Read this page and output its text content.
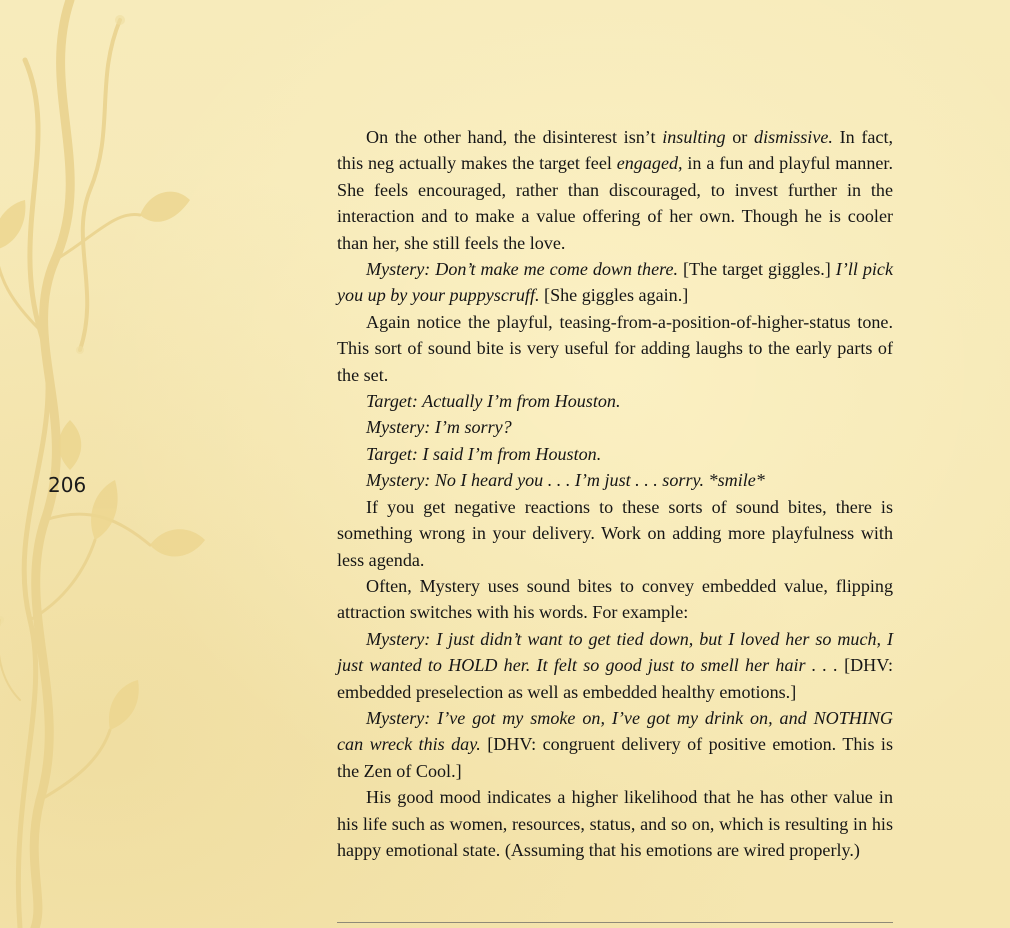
206

On the other hand, the disinterest isn’t insulting or dismissive. In fact, this neg actually makes the target feel engaged, in a fun and playful manner. She feels encouraged, rather than discouraged, to invest further in the interaction and to make a value offering of her own. Though he is cooler than her, she still feels the love.

Mystery: Don’t make me come down there. [The target giggles.] I’ll pick you up by your puppyscruff. [She giggles again.]

Again notice the playful, teasing-from-a-position-of-higher-status tone. This sort of sound bite is very useful for adding laughs to the early parts of the set.

Target: Actually I’m from Houston.

Mystery: I’m sorry?

Target: I said I’m from Houston.

Mystery: No I heard you . . . I’m just . . . sorry. *smile*

If you get negative reactions to these sorts of sound bites, there is something wrong in your delivery. Work on adding more playfulness with less agenda.

Often, Mystery uses sound bites to convey embedded value, flipping attraction switches with his words. For example:

Mystery: I just didn’t want to get tied down, but I loved her so much, I just wanted to HOLD her. It felt so good just to smell her hair . . . [DHV: embedded preselection as well as embedded healthy emotions.]

Mystery: I’ve got my smoke on, I’ve got my drink on, and NOTHING can wreck this day. [DHV: congruent delivery of positive emotion. This is the Zen of Cool.]

His good mood indicates a higher likelihood that he has other value in his life such as women, resources, status, and so on, which is resulting in his happy emotional state. (Assuming that his emotions are wired properly.)
